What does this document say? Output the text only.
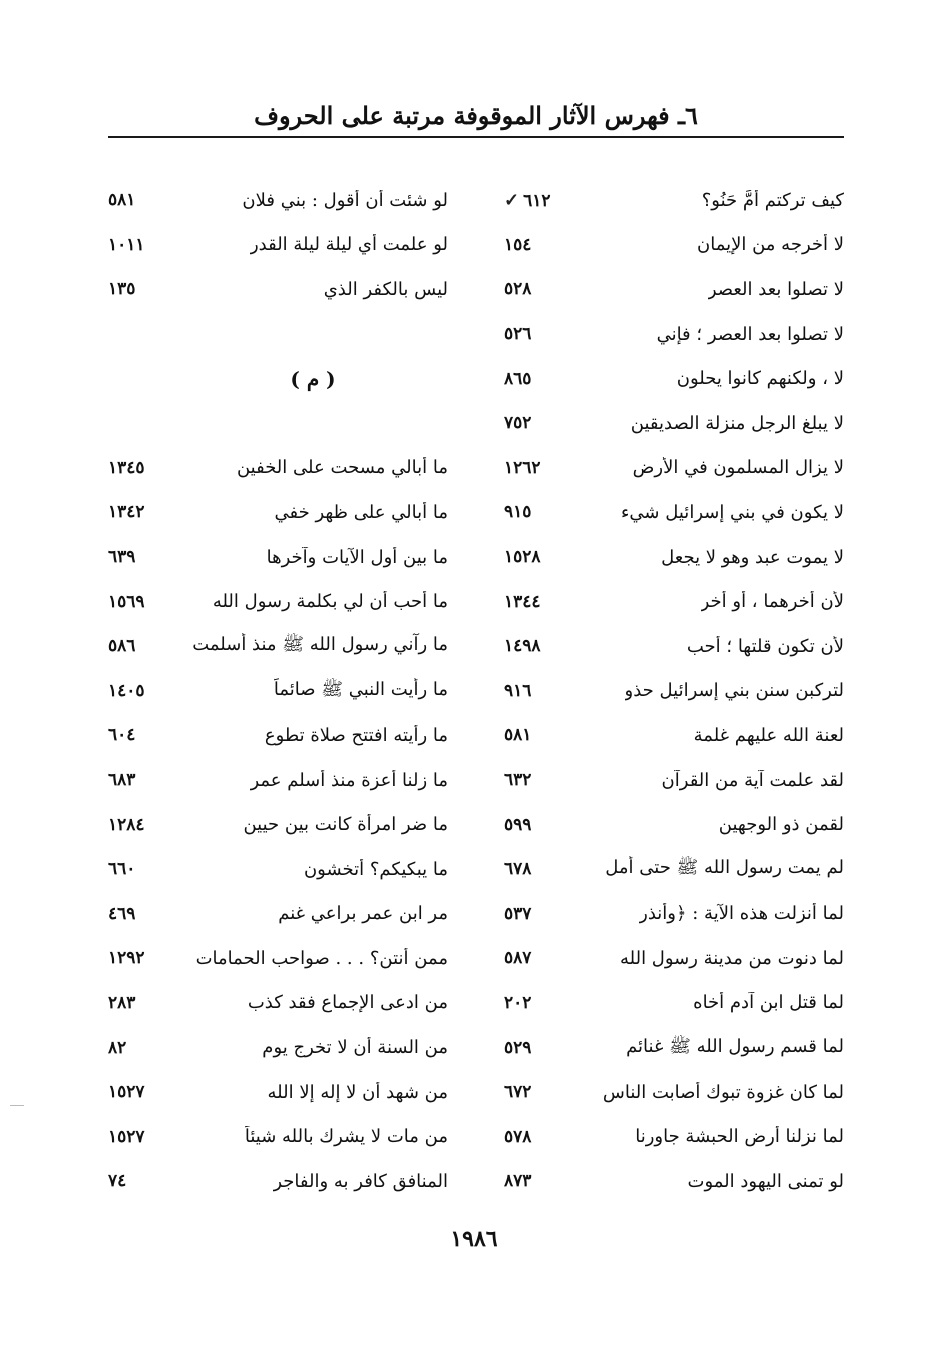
٦ـ فهرس الآثار الموقوفة مرتبة على الحروف
كيف تركتم أمَّ حَنُو؟
٦١٢✓
لا أخرجه من الإيمان
١٥٤
لا تصلوا بعد العصر
٥٢٨
لا تصلوا بعد العصر ؛ فإني
٥٢٦
لا ، ولكنهم كانوا يحلون
٨٦٥
لا يبلغ الرجل منزلة الصديقين
٧٥٢
لا يزال المسلمون في الأرض
١٢٦٢
لا يكون في بني إسرائيل شيء
٩١٥
لا يموت عبد وهو لا يجعل
١٥٢٨
لأن أخرهما ، أو أخر
١٣٤٤
لأن تكون قلتها ؛ أحب
١٤٩٨
لتركبن سنن بني إسرائيل حذو
٩١٦
لعنة الله عليهم غلمة
٥٨١
لقد علمت آية من القرآن
٦٣٢
لقمن ذو الوجهين
٥٩٩
لم يمت رسول الله ﷺ حتى أمل
٦٧٨
لما أنزلت هذه الآية : ﴿وأنذر
٥٣٧
لما دنوت من مدينة رسول الله
٥٨٧
لما قتل ابن آدم أخاه
٢٠٢
لما قسم رسول الله ﷺ غنائم
٥٢٩
لما كان غزوة تبوك أصابت الناس
٦٧٢
لما نزلنا أرض الحبشة جاورنا
٥٧٨
لو تمنى اليهود الموت
٨٧٣
لو شئت أن أقول : بني فلان
٥٨١
لو علمت أي ليلة ليلة القدر
١٠١١
ليس بالكفر الذي
١٣٥
( م )
ما أبالي مسحت على الخفين
١٣٤٥
ما أبالي على ظهر خفي
١٣٤٢
ما بين أول الآيات وآخرها
٦٣٩
ما أحب أن لي بكلمة رسول الله
١٥٦٩
ما رآني رسول الله ﷺ منذ أسلمت
٥٨٦
ما رأيت النبي ﷺ صائماً
١٤٠٥
ما رأيته افتتح صلاة تطوع
٦٠٤
ما زلنا أعزة منذ أسلم عمر
٦٨٣
ما ضر امرأة كانت بين حيين
١٢٨٤
ما يبكيكم؟ أتخشون
٦٦٠
مر ابن عمر براعي غنم
٤٦٩
ممن أنتن؟ . . . صواحب الحمامات
١٢٩٢
من ادعى الإجماع فقد كذب
٢٨٣
من السنة أن لا تخرج يوم
٨٢
من شهد أن لا إله إلا الله
١٥٢٧
من مات لا يشرك بالله شيئاً
١٥٢٧
المنافق كافر به والفاجر
٧٤
١٩٨٦
